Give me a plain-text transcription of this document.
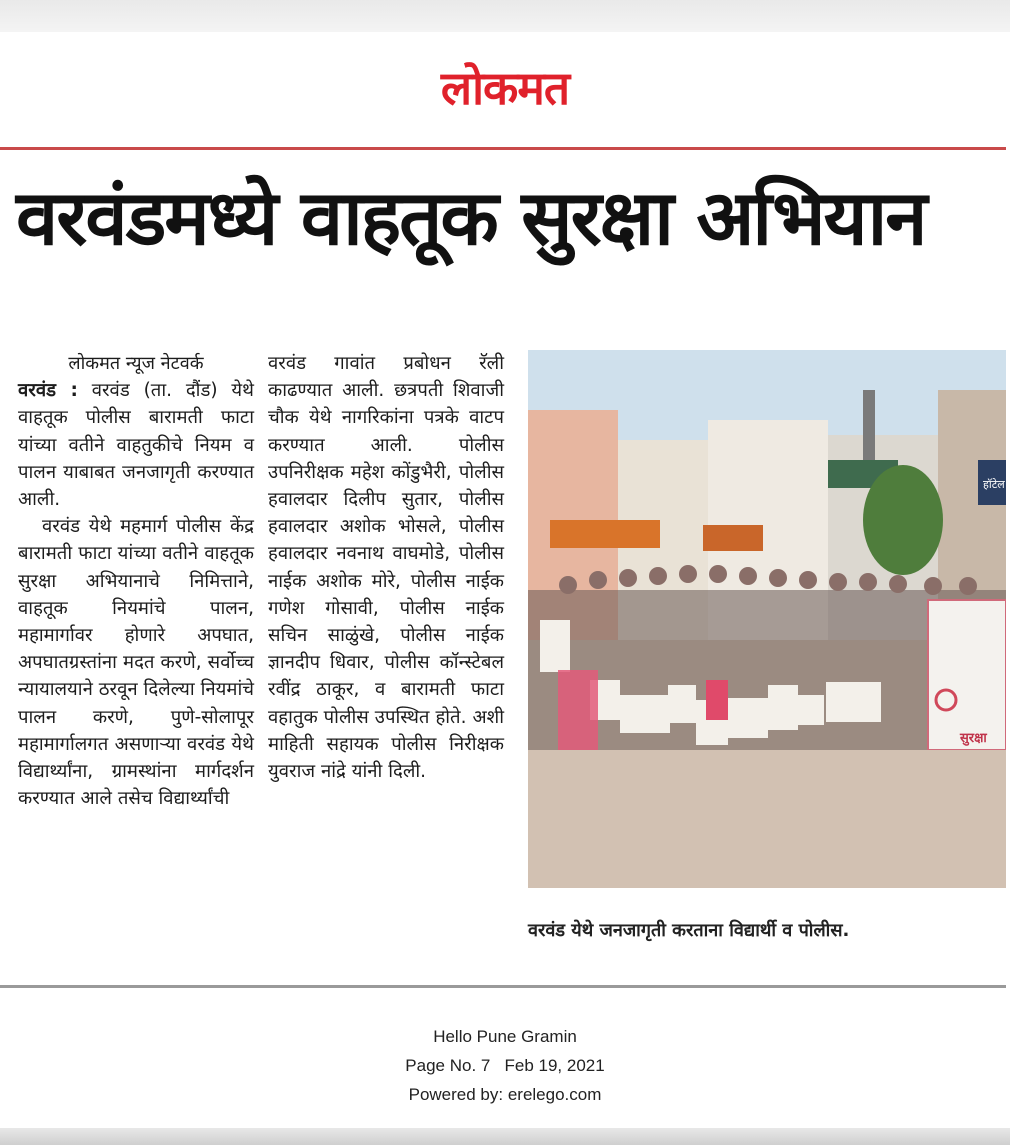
लोकमत
वरवंडमध्ये वाहतूक सुरक्षा अभियान

लोकमत न्यूज नेटवर्क

वरवंड : वरवंड (ता. दौंड) येथे वाहतूक पोलीस बारामती फाटा यांच्या वतीने वाहतुकीचे नियम व पालन याबाबत जनजागृती करण्यात आली.

वरवंड येथे महमार्ग पोलीस केंद्र बारामती फाटा यांच्या वतीने वाहतूक सुरक्षा अभियानाचे निमित्ताने, वाहतूक नियमांचे पालन, महामार्गावर होणारे अपघात, अपघातग्रस्तांना मदत करणे, सर्वोच्च न्यायालयाने ठरवून दिलेल्या नियमांचे पालन करणे, पुणे-सोलापूर महामार्गालगत असणाऱ्या वरवंड येथे विद्यार्थ्यांना, ग्रामस्थांना मार्गदर्शन करण्यात आले तसेच विद्यार्थ्यांची

वरवंड गावांत प्रबोधन रॅली काढण्यात आली. छत्रपती शिवाजी चौक येथे नागरिकांना पत्रके वाटप करण्यात आली. पोलीस उपनिरीक्षक महेश कोंडुभैरी, पोलीस हवालदार दिलीप सुतार, पोलीस हवालदार अशोक भोसले, पोलीस हवालदार नवनाथ वाघमोडे, पोलीस नाईक अशोक मोरे, पोलीस नाईक गणेश गोसावी, पोलीस नाईक सचिन साळुंखे, पोलीस नाईक ज्ञानदीप धिवार, पोलीस कॉन्स्टेबल रवींद्र ठाकूर, व बारामती फाटा वहातुक पोलीस उपस्थित होते. अशी माहिती सहायक पोलीस निरीक्षक युवराज नांद्रे यांनी दिली.

हॉटेल
सुरक्षा
वरवंड येथे जनजागृती करताना विद्यार्थी व पोलीस.
Hello Pune Gramin
Page No. 7   Feb 19, 2021
Powered by: erelego.com
